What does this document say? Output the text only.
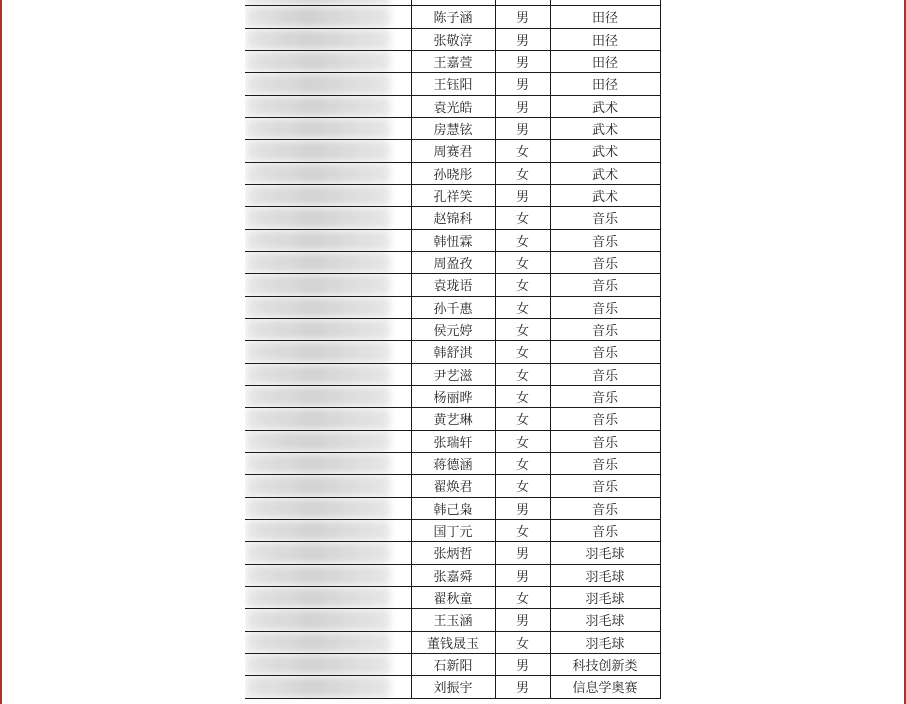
	陈子涵	男	田径

	张敬淳	男	田径

	王嘉萱	男	田径

	王钰阳	男	田径

	袁光皓	男	武术

	房慧铉	男	武术

	周赛君	女	武术

	孙晓彤	女	武术

	孔祥笑	男	武术

	赵锦科	女	音乐

	韩忸霖	女	音乐

	周盈孜	女	音乐

	袁珑语	女	音乐

	孙千惠	女	音乐

	侯元婷	女	音乐

	韩舒淇	女	音乐

	尹艺滋	女	音乐

	杨丽晔	女	音乐

	黄艺琳	女	音乐

	张瑞轩	女	音乐

	蒋德涵	女	音乐

	翟焕君	女	音乐

	韩己枭	男	音乐

	国丁元	女	音乐

	张炳哲	男	羽毛球

	张嘉舜	男	羽毛球

	翟秋童	女	羽毛球

	王玉涵	男	羽毛球

	董钱晟玉	女	羽毛球

	石新阳	男	科技创新类

	刘振宇	男	信息学奥赛
